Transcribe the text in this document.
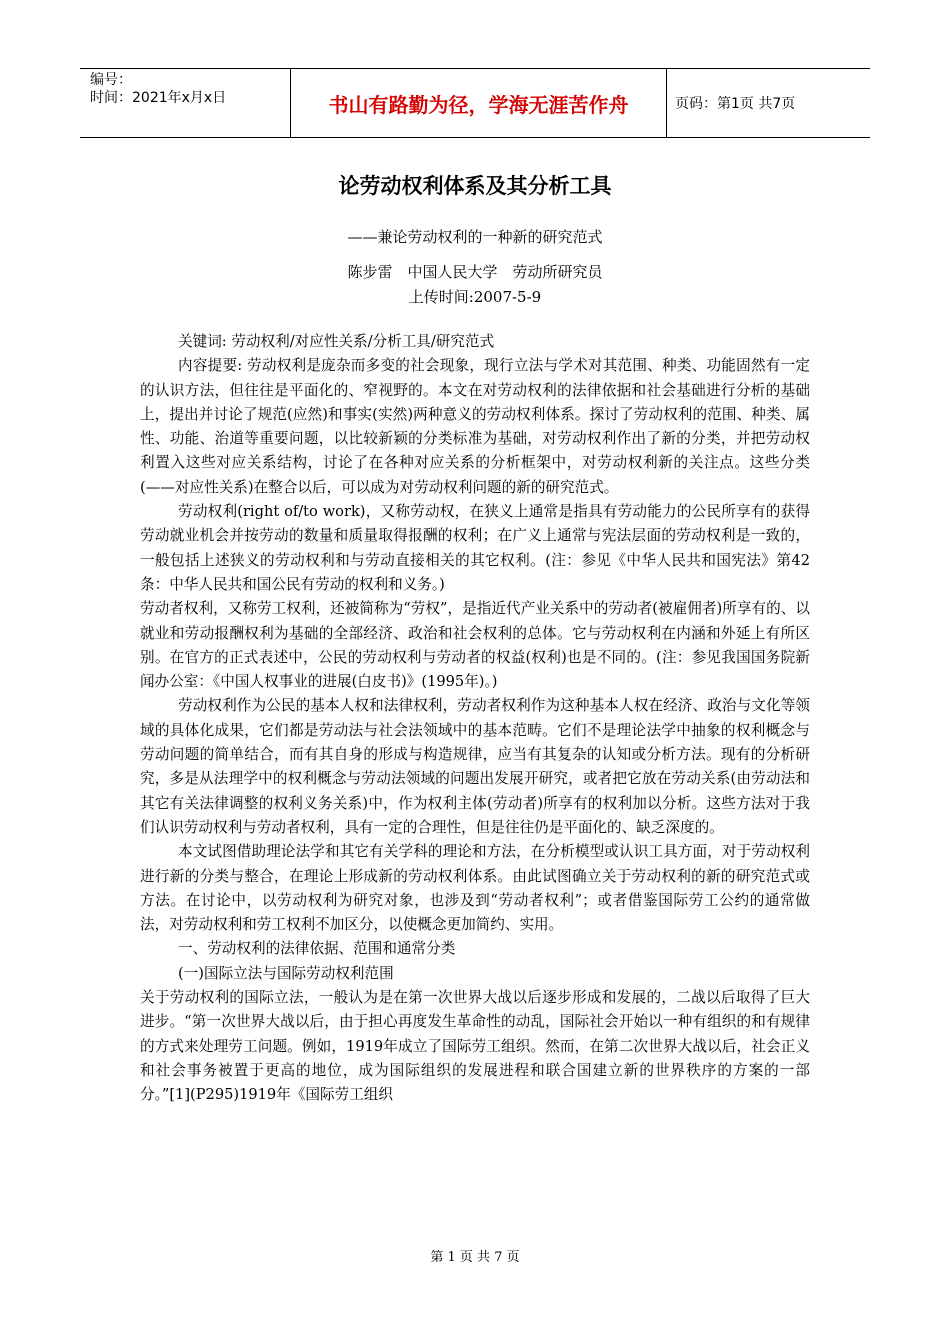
编号：
时间：2021年x月x日	书山有路勤为径，学海无涯苦作舟	页码：第1页 共7页
论劳动权利体系及其分析工具
——兼论劳动权利的一种新的研究范式
陈步雷　中国人民大学　劳动所研究员
上传时间:2007-5-9

关键词: 劳动权利/对应性关系/分析工具/研究范式

内容提要: 劳动权利是庞杂而多变的社会现象，现行立法与学术对其范围、种类、功能固然有一定的认识方法，但往往是平面化的、窄视野的。本文在对劳动权利的法律依据和社会基础进行分析的基础上，提出并讨论了规范(应然)和事实(实然)两种意义的劳动权利体系。探讨了劳动权利的范围、种类、属性、功能、治道等重要问题，以比较新颖的分类标准为基础，对劳动权利作出了新的分类，并把劳动权利置入这些对应关系结构，讨论了在各种对应关系的分析框架中，对劳动权利新的关注点。这些分类(——对应性关系)在整合以后，可以成为对劳动权利问题的新的研究范式。

劳动权利(right of/to work)，又称劳动权，在狭义上通常是指具有劳动能力的公民所享有的获得劳动就业机会并按劳动的数量和质量取得报酬的权利；在广义上通常与宪法层面的劳动权利是一致的，一般包括上述狭义的劳动权利和与劳动直接相关的其它权利。(注：参见《中华人民共和国宪法》第42条：中华人民共和国公民有劳动的权利和义务。)

劳动者权利，又称劳工权利，还被简称为“劳权”，是指近代产业关系中的劳动者(被雇佣者)所享有的、以就业和劳动报酬权利为基础的全部经济、政治和社会权利的总体。它与劳动权利在内涵和外延上有所区别。在官方的正式表述中，公民的劳动权利与劳动者的权益(权利)也是不同的。(注：参见我国国务院新闻办公室：《中国人权事业的进展(白皮书)》(1995年)。)

劳动权利作为公民的基本人权和法律权利，劳动者权利作为这种基本人权在经济、政治与文化等领域的具体化成果，它们都是劳动法与社会法领域中的基本范畴。它们不是理论法学中抽象的权利概念与劳动问题的简单结合，而有其自身的形成与构造规律，应当有其复杂的认知或分析方法。现有的分析研究，多是从法理学中的权利概念与劳动法领域的问题出发展开研究，或者把它放在劳动关系(由劳动法和其它有关法律调整的权利义务关系)中，作为权利主体(劳动者)所享有的权利加以分析。这些方法对于我们认识劳动权利与劳动者权利，具有一定的合理性，但是往往仍是平面化的、缺乏深度的。

本文试图借助理论法学和其它有关学科的理论和方法，在分析模型或认识工具方面，对于劳动权利进行新的分类与整合，在理论上形成新的劳动权利体系。由此试图确立关于劳动权利的新的研究范式或方法。在讨论中，以劳动权利为研究对象，也涉及到“劳动者权利”；或者借鉴国际劳工公约的通常做法，对劳动权利和劳工权利不加区分，以使概念更加简约、实用。

一、劳动权利的法律依据、范围和通常分类

(一)国际立法与国际劳动权利范围

关于劳动权利的国际立法，一般认为是在第一次世界大战以后逐步形成和发展的，二战以后取得了巨大进步。“第一次世界大战以后，由于担心再度发生革命性的动乱，国际社会开始以一种有组织的和有规律的方式来处理劳工问题。例如，1919年成立了国际劳工组织。然而，在第二次世界大战以后，社会正义和社会事务被置于更高的地位，成为国际组织的发展进程和联合国建立新的世界秩序的方案的一部分。”[1](P295)1919年《国际劳工组织

第 1 页 共 7 页
